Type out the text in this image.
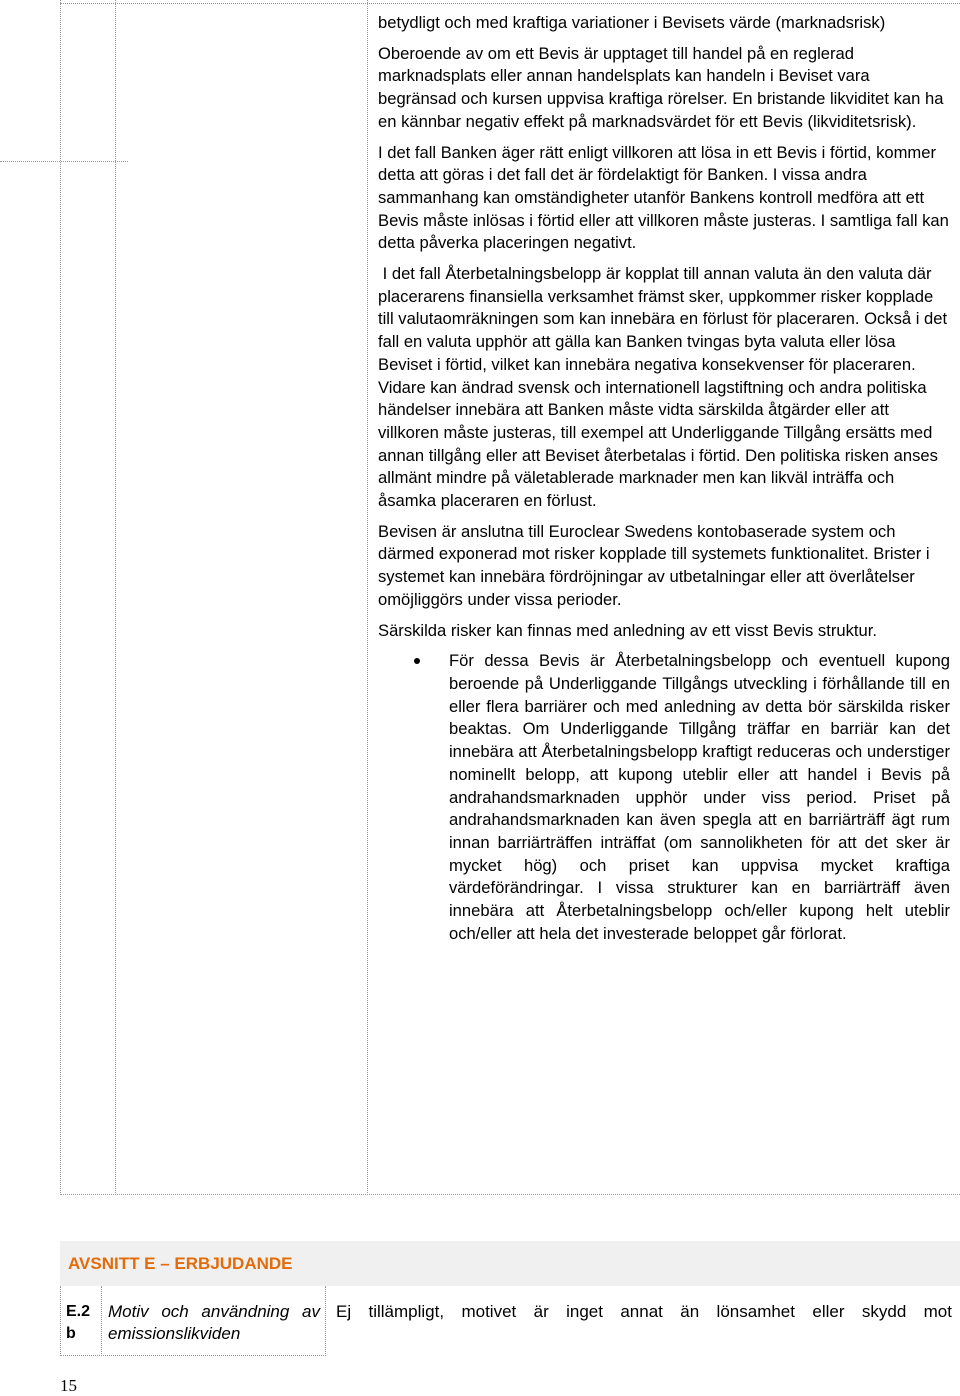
betydligt och med kraftiga variationer i Bevisets värde (marknadsrisk)

Oberoende av om ett Bevis är upptaget till handel på en reglerad marknadsplats eller annan handelsplats kan handeln i Beviset vara begränsad och kursen uppvisa kraftiga rörelser. En bristande likviditet kan ha en kännbar negativ effekt på marknadsvärdet för ett Bevis (likviditetsrisk).

I det fall Banken äger rätt enligt villkoren att lösa in ett Bevis i förtid, kommer detta att göras i det fall det är fördelaktigt för Banken. I vissa andra sammanhang kan omständigheter utanför Bankens kontroll medföra att ett Bevis måste inlösas i förtid eller att villkoren måste justeras. I samtliga fall kan detta påverka placeringen negativt.

I det fall Återbetalningsbelopp är kopplat till annan valuta än den valuta där placerarens finansiella verksamhet främst sker, uppkommer risker kopplade till valutaomräkningen som kan innebära en förlust för placeraren. Också i det fall en valuta upphör att gälla kan Banken tvingas byta valuta eller lösa Beviset i förtid, vilket kan innebära negativa konsekvenser för placeraren. Vidare kan ändrad svensk och internationell lagstiftning och andra politiska händelser innebära att Banken måste vidta särskilda åtgärder eller att villkoren måste justeras, till exempel att Underliggande Tillgång ersätts med annan tillgång eller att Beviset återbetalas i förtid. Den politiska risken anses allmänt mindre på väletablerade marknader men kan likväl inträffa och åsamka placeraren en förlust.

Bevisen är anslutna till Euroclear Swedens kontobaserade system och därmed exponerad mot risker kopplade till systemets funktionalitet. Brister i systemet kan innebära fördröjningar av utbetalningar eller att överlåtelser omöjliggörs under vissa perioder.

Särskilda risker kan finnas med anledning av ett visst Bevis struktur.

För dessa Bevis är Återbetalningsbelopp och eventuell kupong beroende på Underliggande Tillgångs utveckling i förhållande till en eller flera barriärer och med anledning av detta bör särskilda risker beaktas. Om Underliggande Tillgång träffar en barriär kan det innebära att Återbetalningsbelopp kraftigt reduceras och understiger nominellt belopp, att kupong uteblir eller att handel i Bevis på andrahandsmarknaden upphör under viss period. Priset på andrahandsmarknaden kan även spegla att en barriärträff ägt rum innan barriärträffen inträffat (om sannolikheten för att det sker är mycket hög) och priset kan uppvisa mycket kraftiga värdeförändringar. I vissa strukturer kan en barriärträff även innebära att Återbetalningsbelopp och/eller kupong helt uteblir och/eller att hela det investerade beloppet går förlorat.
AVSNITT E – ERBJUDANDE
E.2b
Motiv och användning av emissionslikviden
Ej tillämpligt, motivet är inget annat än lönsamhet eller skydd mot
15
